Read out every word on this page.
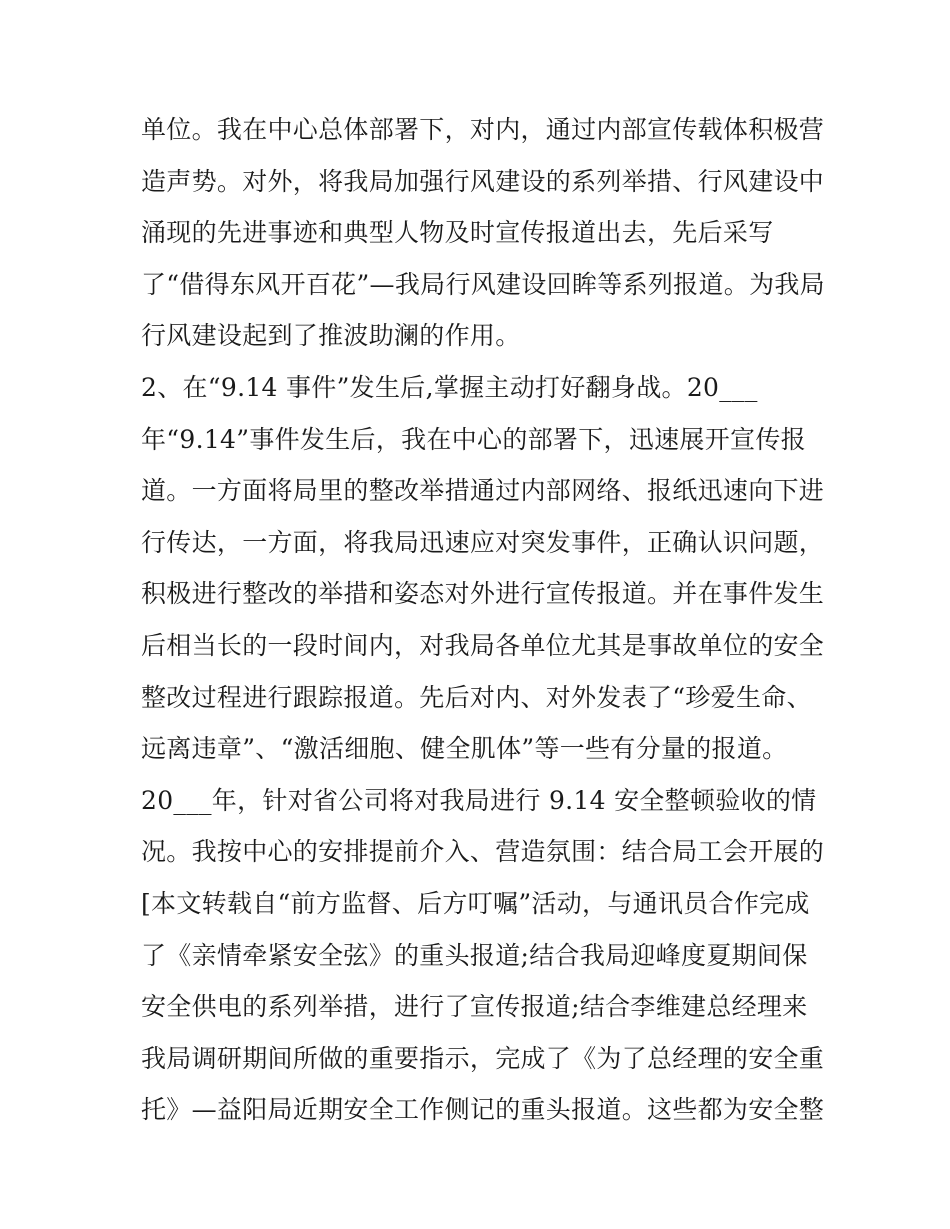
单位。我在中心总体部署下，对内，通过内部宣传载体积极营
造声势。对外，将我局加强行风建设的系列举措、行风建设中
涌现的先进事迹和典型人物及时宣传报道出去，先后采写
了“借得东风开百花”—我局行风建设回眸等系列报道。为我局
行风建设起到了推波助澜的作用。
2、在“9.14 事件”发生后,掌握主动打好翻身战。20___
年“9.14”事件发生后，我在中心的部署下，迅速展开宣传报
道。一方面将局里的整改举措通过内部网络、报纸迅速向下进
行传达，一方面，将我局迅速应对突发事件，正确认识问题，
积极进行整改的举措和姿态对外进行宣传报道。并在事件发生
后相当长的一段时间内，对我局各单位尤其是事故单位的安全
整改过程进行跟踪报道。先后对内、对外发表了“珍爱生命、
远离违章”、“激活细胞、健全肌体”等一些有分量的报道。
20___年，针对省公司将对我局进行 9.14 安全整顿验收的情
况。我按中心的安排提前介入、营造氛围：结合局工会开展的
[本文转载自“前方监督、后方叮嘱”活动，与通讯员合作完成
了《亲情牵紧安全弦》的重头报道;结合我局迎峰度夏期间保
安全供电的系列举措，进行了宣传报道;结合李维建总经理来
我局调研期间所做的重要指示，完成了《为了总经理的安全重
托》—益阳局近期安全工作侧记的重头报道。这些都为安全整
